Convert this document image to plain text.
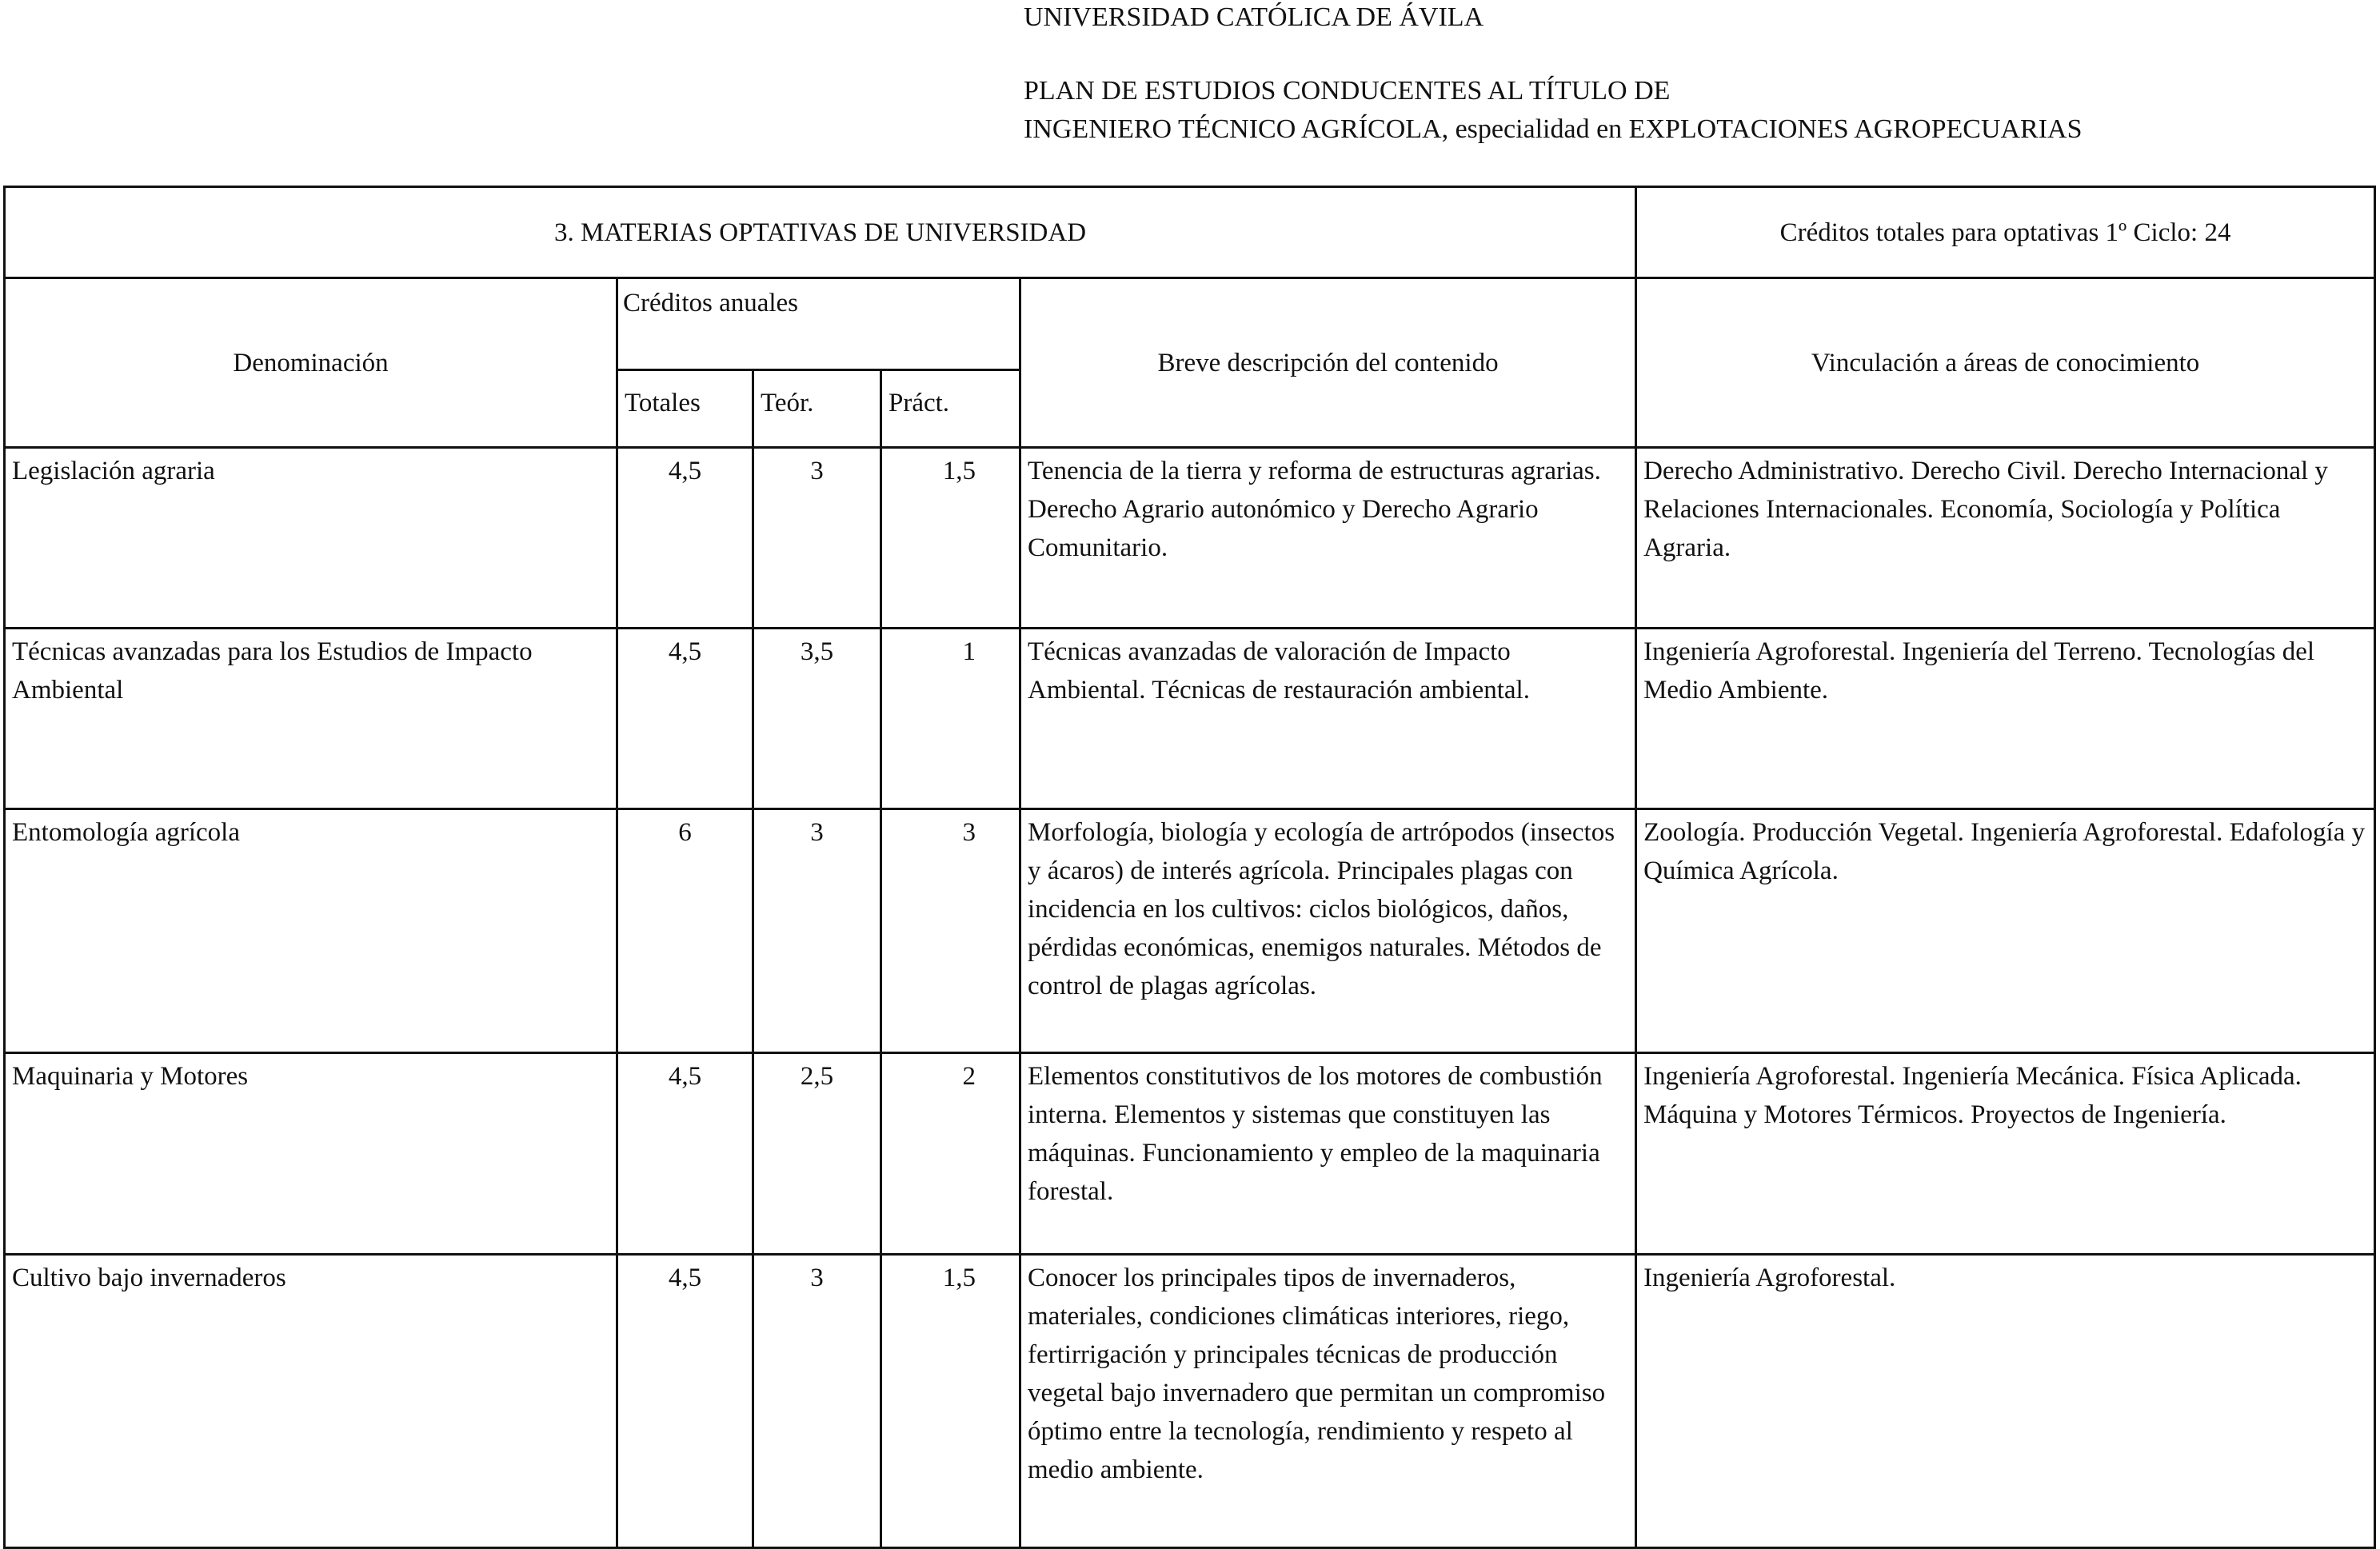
UNIVERSIDAD CATÓLICA DE ÁVILA
PLAN DE ESTUDIOS CONDUCENTES AL TÍTULO DE
INGENIERO TÉCNICO AGRÍCOLA, especialidad en EXPLOTACIONES AGROPECUARIAS
3. MATERIAS OPTATIVAS DE UNIVERSIDAD					Créditos totales para optativas 1º Ciclo: 24
Denominación	Créditos anuales			Breve descripción del contenido	Vinculación a áreas de conocimiento
	Totales	Teór.	Práct.		
Legislación agraria	4,5	3	1,5	Tenencia de la tierra y reforma de estructuras agrarias. Derecho Agrario autonómico y Derecho Agrario Comunitario.	Derecho Administrativo. Derecho Civil. Derecho Internacional y Relaciones Internacionales. Economía, Sociología y Política Agraria.
Técnicas avanzadas para los Estudios de Impacto Ambiental	4,5	3,5	1	Técnicas avanzadas de valoración de Impacto Ambiental. Técnicas de restauración ambiental.	Ingeniería Agroforestal. Ingeniería del Terreno. Tecnologías del Medio Ambiente.
Entomología agrícola	6	3	3	Morfología, biología y ecología de artrópodos (insectos y ácaros) de interés agrícola. Principales plagas con incidencia en los cultivos: ciclos biológicos, daños, pérdidas económicas, enemigos naturales. Métodos de control de plagas agrícolas.	Zoología. Producción Vegetal. Ingeniería Agroforestal. Edafología y Química Agrícola.
Maquinaria y Motores	4,5	2,5	2	Elementos constitutivos de los motores de combustión interna. Elementos y sistemas que constituyen las máquinas. Funcionamiento y empleo de la maquinaria forestal.	Ingeniería Agroforestal. Ingeniería Mecánica. Física Aplicada. Máquina y Motores Térmicos. Proyectos de Ingeniería.
Cultivo bajo invernaderos	4,5	3	1,5	Conocer los principales tipos de invernaderos, materiales, condiciones climáticas interiores, riego, fertirrigación y principales técnicas de producción vegetal bajo invernadero que permitan un compromiso óptimo entre la tecnología, rendimiento y respeto al medio ambiente.	Ingeniería Agroforestal.
